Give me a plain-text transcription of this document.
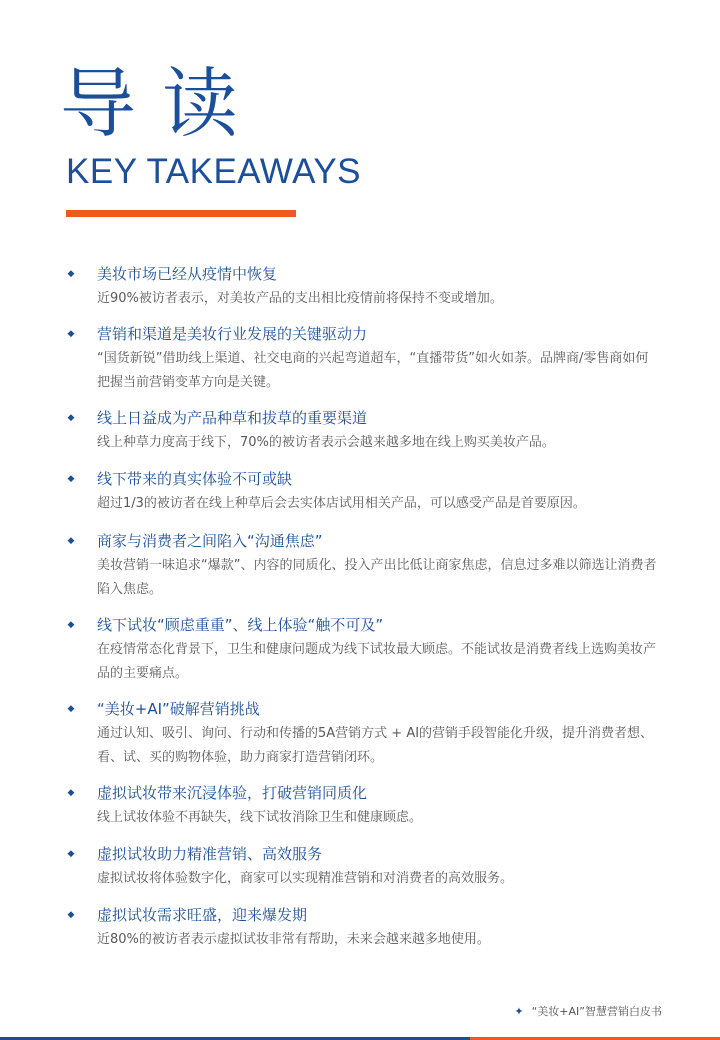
导读
KEY TAKEAWAYS
◆ 美妆市场已经从疫情中恢复
近90%被访者表示，对美妆产品的支出相比疫情前将保持不变或增加。
◆ 营销和渠道是美妆行业发展的关键驱动力
“国货新锐”借助线上渠道、社交电商的兴起弯道超车，“直播带货”如火如荼。品牌商/零售商如何把握当前营销变革方向是关键。
◆ 线上日益成为产品种草和拔草的重要渠道
线上种草力度高于线下，70%的被访者表示会越来越多地在线上购买美妆产品。
◆ 线下带来的真实体验不可或缺
超过1/3的被访者在线上种草后会去实体店试用相关产品，可以感受产品是首要原因。
◆ 商家与消费者之间陷入“沟通焦虑”
美妆营销一味追求“爆款”、内容的同质化、投入产出比低让商家焦虑，信息过多难以筛选让消费者陷入焦虑。
◆ 线下试妆“顾虑重重”、线上体验“触不可及”
在疫情常态化背景下，卫生和健康问题成为线下试妆最大顾虑。不能试妆是消费者线上选购美妆产品的主要痛点。
◆ “美妆+AI”破解营销挑战
通过认知、吸引、询问、行动和传播的5A营销方式 + AI的营销手段智能化升级，提升消费者想、看、试、买的购物体验，助力商家打造营销闭环。
◆ 虚拟试妆带来沉浸体验，打破营销同质化
线上试妆体验不再缺失，线下试妆消除卫生和健康顾虑。
◆ 虚拟试妆助力精准营销、高效服务
虚拟试妆将体验数字化，商家可以实现精准营销和对消费者的高效服务。
◆ 虚拟试妆需求旺盛，迎来爆发期
近80%的被访者表示虚拟试妆非常有帮助，未来会越来越多地使用。
✦ “美妆+AI”智慧营销白皮书
